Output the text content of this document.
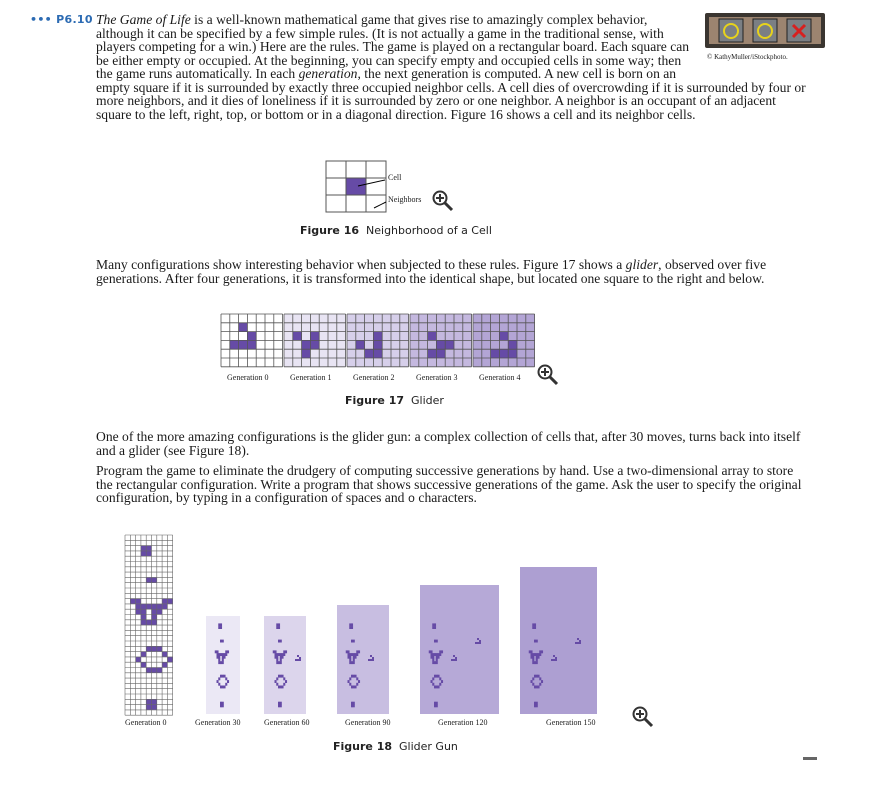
••• P6.10 The Game of Life is a well-known mathematical game that gives rise to amazingly complex behavior,
although it can be specified by a few simple rules. (It is not actually a game in the traditional sense, with
players competing for a win.) Here are the rules. The game is played on a rectangular board. Each square can
be either empty or occupied. At the beginning, you can specify empty and occupied cells in some way; then
the game runs automatically. In each generation, the next generation is computed. A new cell is born on an
empty square if it is surrounded by exactly three occupied neighbor cells. A cell dies of overcrowding if it is surrounded by four or
more neighbors, and it dies of loneliness if it is surrounded by zero or one neighbor. A neighbor is an occupant of an adjacent
square to the left, right, top, or bottom or in a diagonal direction. Figure 16 shows a cell and its neighbor cells.
Many configurations show interesting behavior when subjected to these rules. Figure 17 shows a glider, observed over five
generations. After four generations, it is transformed into the identical shape, but located one square to the right and below.
One of the more amazing configurations is the glider gun: a complex collection of cells that, after 30 moves, turns back into itself
and a glider (see Figure 18).
Program the game to eliminate the drudgery of computing successive generations by hand. Use a two-dimensional array to store
the rectangular configuration. Write a program that shows successive generations of the game. Ask the user to specify the original
configuration, by typing in a configuration of spaces and o characters.
© KathyMuller/iStockphoto.
Cell
Neighbors
Figure 16 Neighborhood of a Cell
Generation 0	Generation 1	Generation 2	Generation 3	Generation 4
Figure 17 Glider
Generation 0	Generation 30	Generation 60	Generation 90	Generation 120	Generation 150
Figure 18 Glider Gun
